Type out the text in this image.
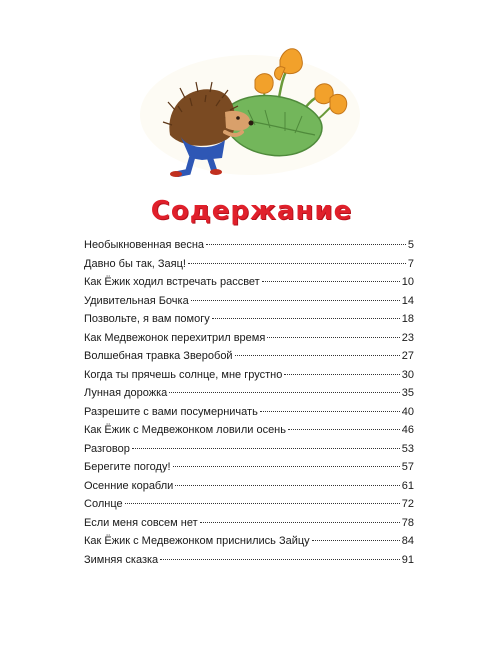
Содержание
Необыкновенная весна	5
Давно бы так, Заяц!	7
Как Ёжик ходил встречать рассвет	10
Удивительная Бочка	14
Позвольте, я вам помогу	18
Как Медвежонок перехитрил время	23
Волшебная травка Зверобой	27
Когда ты прячешь солнце, мне грустно	30
Лунная дорожка	35
Разрешите с вами посумерничать	40
Как Ёжик с Медвежонком ловили осень	46
Разговор	53
Берегите погоду!	57
Осенние корабли	61
Солнце	72
Если меня совсем нет	78
Как Ёжик с Медвежонком приснились Зайцу	84
Зимняя сказка	91
